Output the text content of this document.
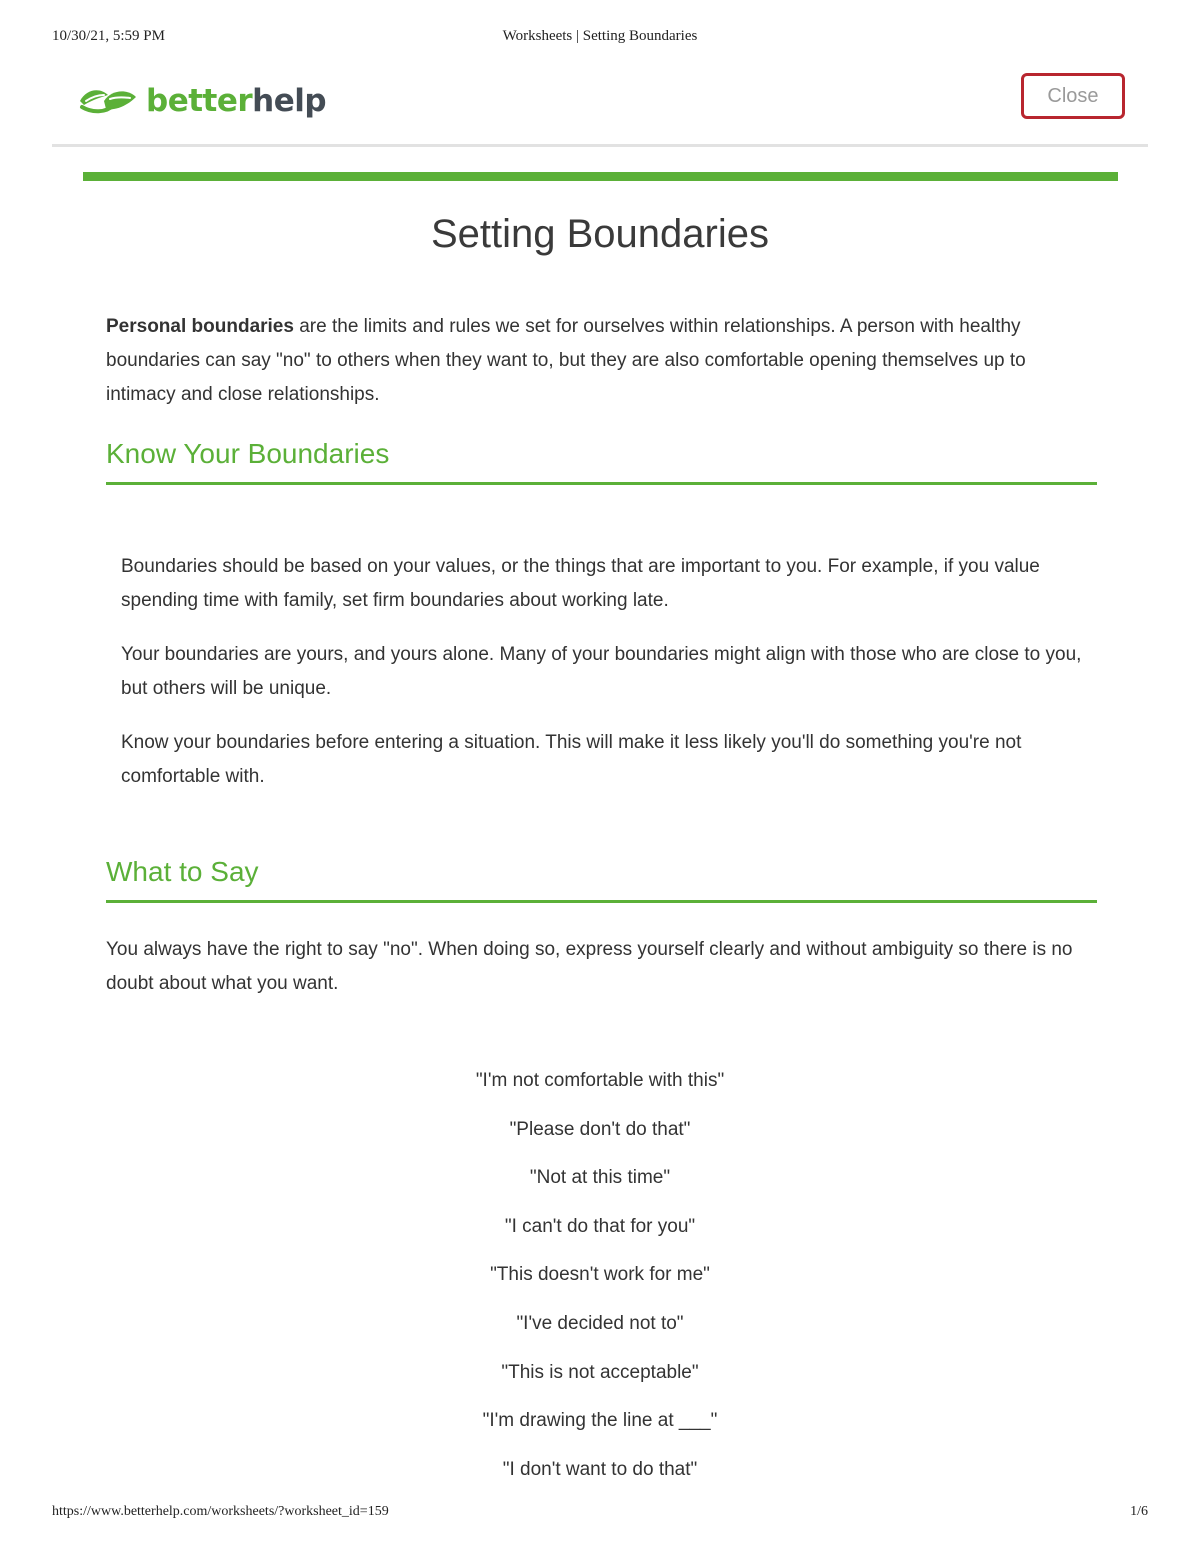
10/30/21, 5:59 PM	Worksheets | Setting Boundaries
betterhelp	Close
Setting Boundaries

Personal boundaries are the limits and rules we set for ourselves within relationships. A person with healthy boundaries can say "no" to others when they want to, but they are also comfortable opening themselves up to intimacy and close relationships.

Know Your Boundaries

Boundaries should be based on your values, or the things that are important to you. For example, if you value spending time with family, set firm boundaries about working late.

Your boundaries are yours, and yours alone. Many of your boundaries might align with those who are close to you, but others will be unique.

Know your boundaries before entering a situation. This will make it less likely you'll do something you're not comfortable with.

What to Say

You always have the right to say "no". When doing so, express yourself clearly and without ambiguity so there is no doubt about what you want.

"I'm not comfortable with this"

"Please don't do that"

"Not at this time"

"I can't do that for you"

"This doesn't work for me"

"I've decided not to"

"This is not acceptable"

"I'm drawing the line at ___"

"I don't want to do that"

https://www.betterhelp.com/worksheets/?worksheet_id=159	1/6
